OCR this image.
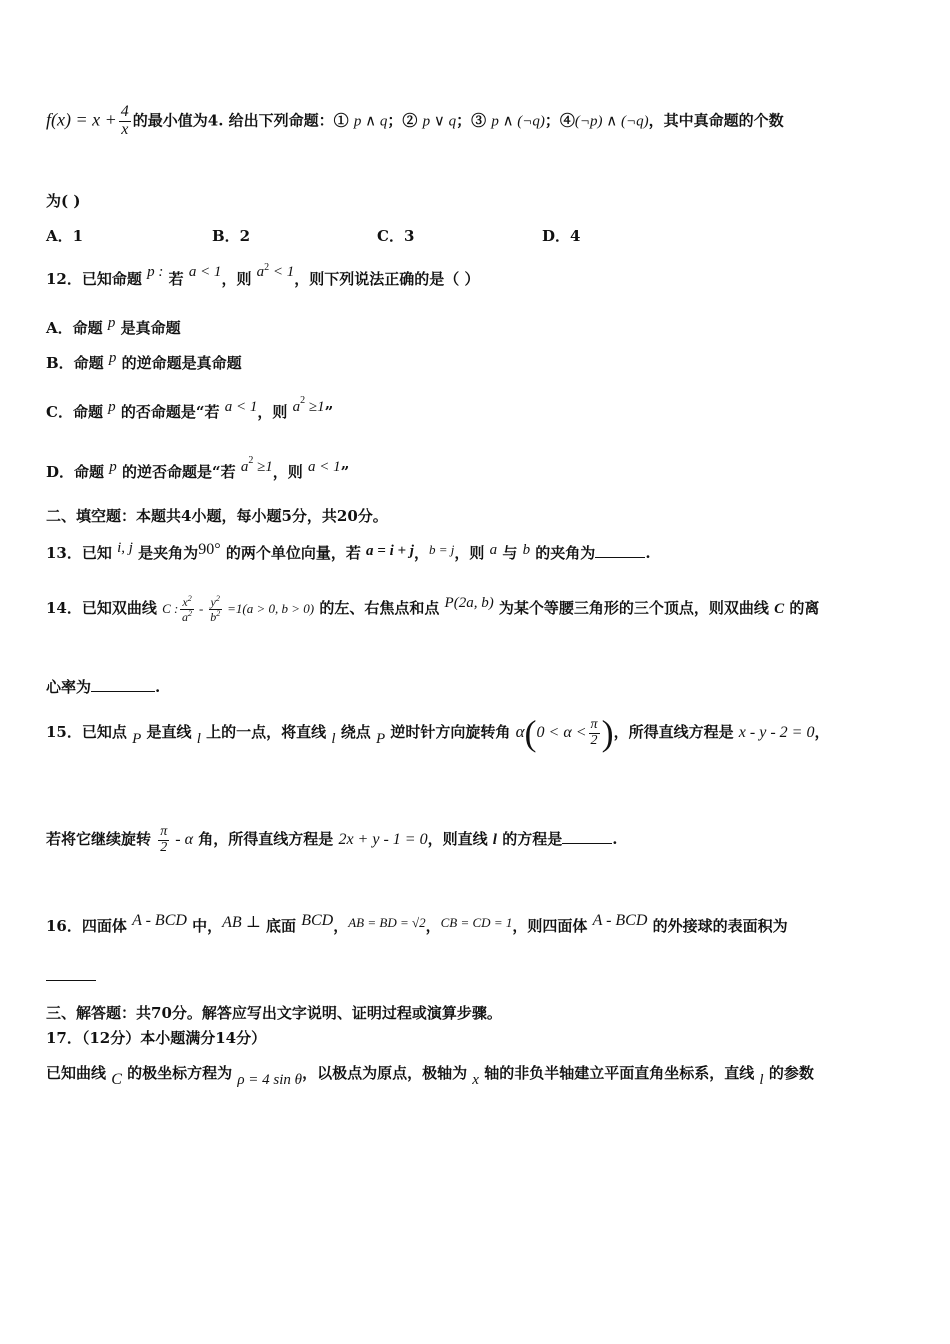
$f(x) = x + \frac{4}{x}$ 的最小值为4. 给出下列命题：① p ∧ q；② p ∨ q；③ p ∧ (¬q)；④(¬p) ∧ (¬q)，其中真命题的个数
为( )
A．1	B．2	C．3	D．4
12．已知命题 p : 若 a < 1，则 $a^2 < 1$，则下列说法正确的是（ ）
A．命题 p 是真命题
B．命题 p 的逆命题是真命题
C．命题 p 的否命题是“若 a < 1，则 $a^2 \ge 1$”
D．命题 p 的逆否命题是“若 $a^2 \ge 1$，则 a < 1”
二、填空题：本题共4小题，每小题5分，共20分。
13．已知 i, j 是夹角为90° 的两个单位向量，若 a = i + j，b = j，则 a 与 b 的夹角为	.
14．已知双曲线 C : $\frac{x^2}{a^2} - \frac{y^2}{b^2} =1(a > 0$, b > 0) 的左、右焦点和点 P(2a, b) 为某个等腰三角形的三个顶点，则双曲线 C 的离
心率为	.
15．已知点 P 是直线 l 上的一点，将直线 l 绕点 P 逆时针方向旋转角 $\alpha(0 < \alpha < \frac{\pi}{2}$ )，所得直线方程是 x - y - 2 = 0，
若将它继续旋转 $\frac{\pi}{2}$ - α 角，所得直线方程是 2x + y - 1 = 0，则直线 l 的方程是	.
16．四面体 A - BCD 中，AB ⊥ 底面 BCD，AB = BD = √2，CB = CD = 1，则四面体 A - BCD 的外接球的表面积为
三、解答题：共70分。解答应写出文字说明、证明过程或演算步骤。
17．（12分）本小题满分14分）
已知曲线 C 的极坐标方程为 ρ = 4 sin θ，以极点为原点，极轴为 x 轴的非负半轴建立平面直角坐标系，直线 l 的参数
